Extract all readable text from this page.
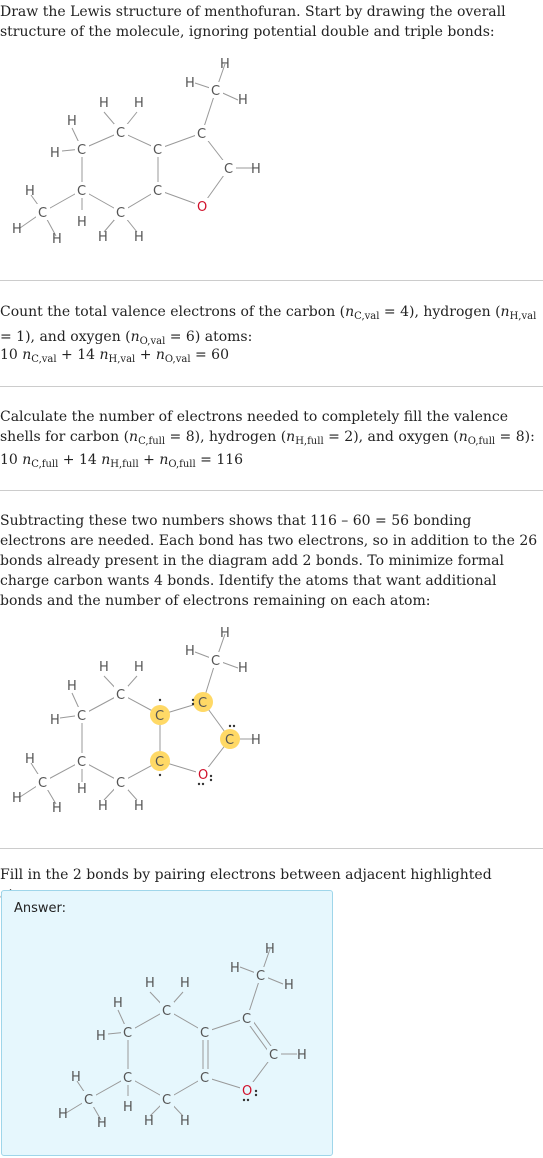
Draw the Lewis structure of menthofuran. Start by drawing the overall structure of the molecule, ignoring potential double and triple bonds:
C
C
C
C	C
C
C
C
C
C
O
H H
H
H
H
H
H
H	H H
H
H
H
H
Count the total valence electrons of the carbon $(n_{C,val} = 4)$, hydrogen $(n_{H,val} = 1)$, and oxygen $(n_{O,val} = 6)$ atoms:
10 $n_{C,val} + 14$ $n_{H,val} + n_{O,val} = 60$
Calculate the number of electrons needed to completely fill the valence shells for carbon $(n_{C,full} = 8)$, hydrogen $(n_{H,full} = 2)$, and oxygen $(n_{O,full} = 8)$:
10 $n_{C,full} + 14$ $n_{H,full} + n_{O,full} = 116$
Subtracting these two numbers shows that 116 – 60 = 56 bonding electrons are needed. Each bond has two electrons, so in addition to the 26 bonds already present in the diagram add 2 bonds. To minimize formal charge carbon wants 4 bonds. Identify the atoms that want additional bonds and the number of electrons remaining on each atom:
C
C
C
C	C
C
C
C
C
C
O
H H
H
H
H
H
H
H	H H
H
H
H
H
Fill in the 2 bonds by pairing electrons between adjacent highlighted
Answer:
C
C
C
C	C
C
C
C
C
C
O
H H
H
H
H
H
H
H	H H
H
H
H
H
